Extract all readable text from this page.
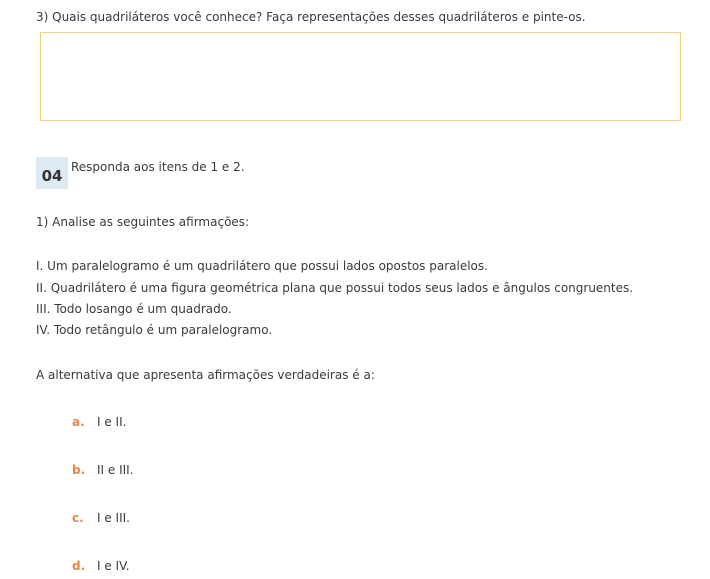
3) Quais quadriláteros você conhece? Faça representações desses quadriláteros e pinte-os.
04 Responda aos itens de 1 e 2.
1) Analise as seguintes afirmações:
I. Um paralelogramo é um quadrilátero que possui lados opostos paralelos.
II. Quadrilátero é uma figura geométrica plana que possui todos seus lados e ângulos congruentes.
III. Todo losango é um quadrado.
IV. Todo retângulo é um paralelogramo.
A alternativa que apresenta afirmações verdadeiras é a:
a. I e II.
b. II e III.
c. I e III.
d. I e IV.
